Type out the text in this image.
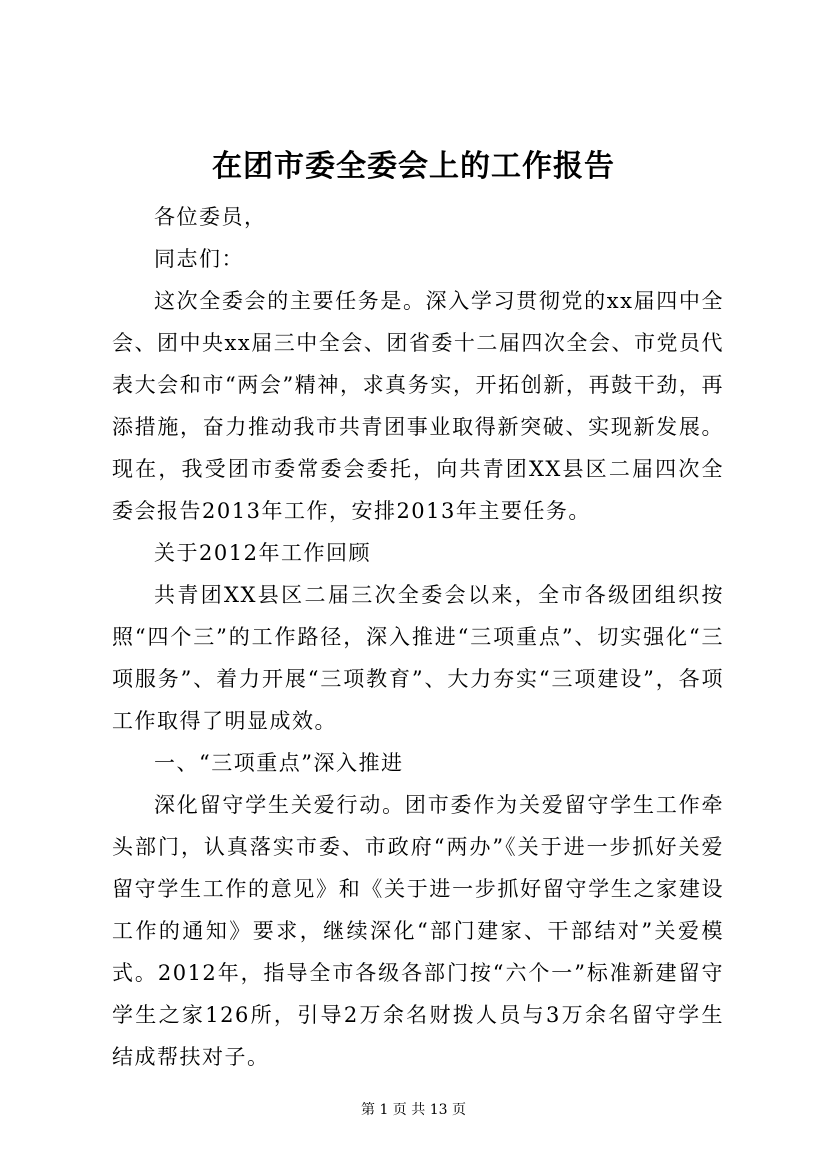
在团市委全委会上的工作报告

各位委员，

同志们：

这次全委会的主要任务是。深入学习贯彻党的xx届四中全会、团中央xx届三中全会、团省委十二届四次全会、市党员代表大会和市“两会”精神，求真务实，开拓创新，再鼓干劲，再添措施，奋力推动我市共青团事业取得新突破、实现新发展。现在，我受团市委常委会委托，向共青团XX县区二届四次全委会报告2013年工作，安排2013年主要任务。

关于2012年工作回顾

共青团XX县区二届三次全委会以来，全市各级团组织按照“四个三”的工作路径，深入推进“三项重点”、切实强化“三项服务”、着力开展“三项教育”、大力夯实“三项建设”，各项工作取得了明显成效。

一、“三项重点”深入推进

深化留守学生关爱行动。团市委作为关爱留守学生工作牵头部门，认真落实市委、市政府“两办”《关于进一步抓好关爱留守学生工作的意见》和《关于进一步抓好留守学生之家建设工作的通知》要求，继续深化“部门建家、干部结对”关爱模式。2012年，指导全市各级各部门按“六个一”标准新建留守学生之家126所，引导2万余名财拨人员与3万余名留守学生结成帮扶对子。

第 1 页 共 13 页
